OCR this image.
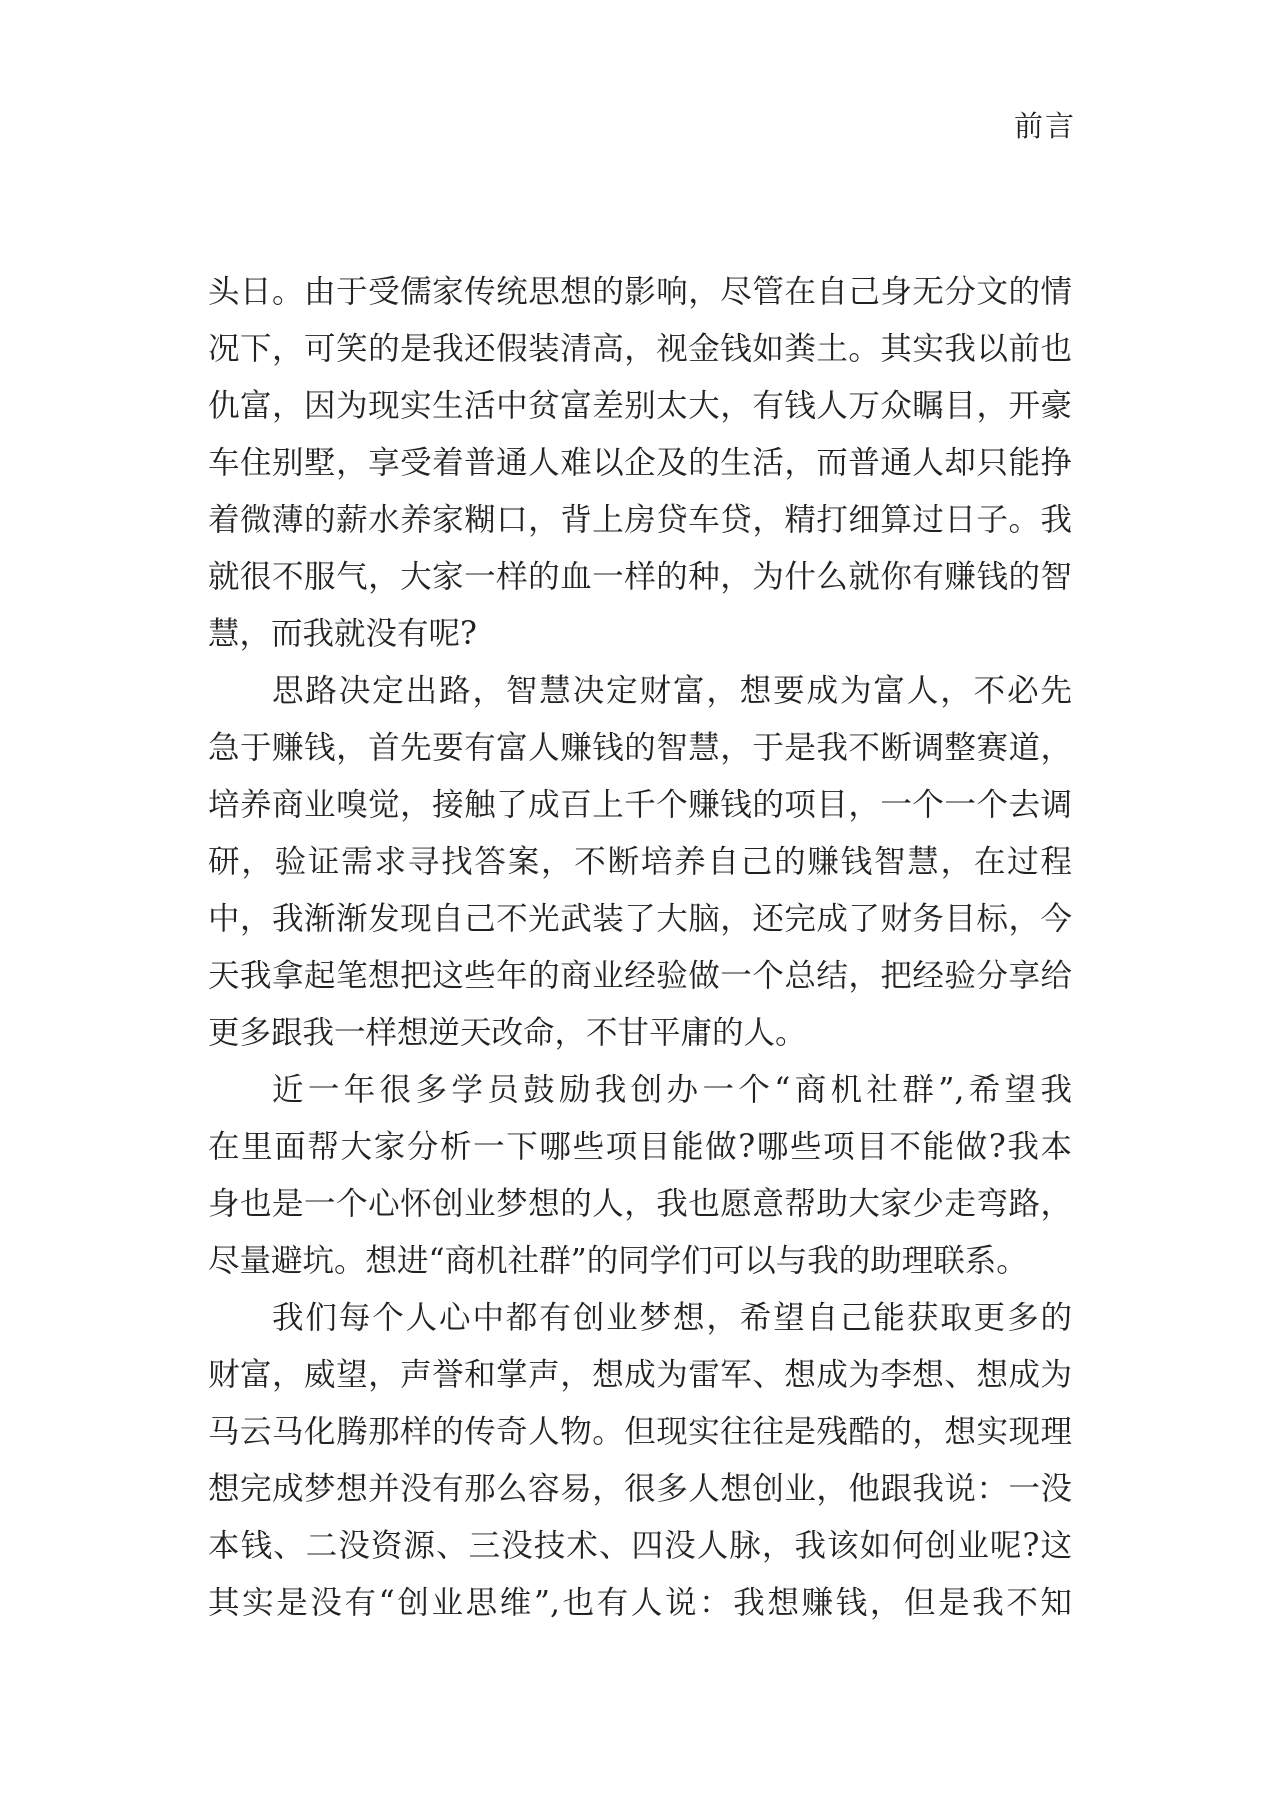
前言
头日。由于受儒家传统思想的影响，尽管在自己身无分文的情
况下，可笑的是我还假装清高，视金钱如粪土。其实我以前也
仇富，因为现实生活中贫富差别太大，有钱人万众瞩目，开豪
车住别墅，享受着普通人难以企及的生活，而普通人却只能挣
着微薄的薪水养家糊口，背上房贷车贷，精打细算过日子。我
就很不服气，大家一样的血一样的种，为什么就你有赚钱的智
慧，而我就没有呢?
思路决定出路，智慧决定财富，想要成为富人，不必先
急于赚钱，首先要有富人赚钱的智慧，于是我不断调整赛道，
培养商业嗅觉，接触了成百上千个赚钱的项目，一个一个去调
研，验证需求寻找答案，不断培养自己的赚钱智慧，在过程
中，我渐渐发现自己不光武装了大脑，还完成了财务目标，今
天我拿起笔想把这些年的商业经验做一个总结，把经验分享给
更多跟我一样想逆天改命，不甘平庸的人。
近一年很多学员鼓励我创办一个“商机社群”,希望我
在里面帮大家分析一下哪些项目能做?哪些项目不能做?我本
身也是一个心怀创业梦想的人，我也愿意帮助大家少走弯路，
尽量避坑。想进“商机社群”的同学们可以与我的助理联系。
我们每个人心中都有创业梦想，希望自己能获取更多的
财富，威望，声誉和掌声，想成为雷军、想成为李想、想成为
马云马化腾那样的传奇人物。但现实往往是残酷的，想实现理
想完成梦想并没有那么容易，很多人想创业，他跟我说：一没
本钱、二没资源、三没技术、四没人脉，我该如何创业呢?这
其实是没有“创业思维”,也有人说：我想赚钱，但是我不知
